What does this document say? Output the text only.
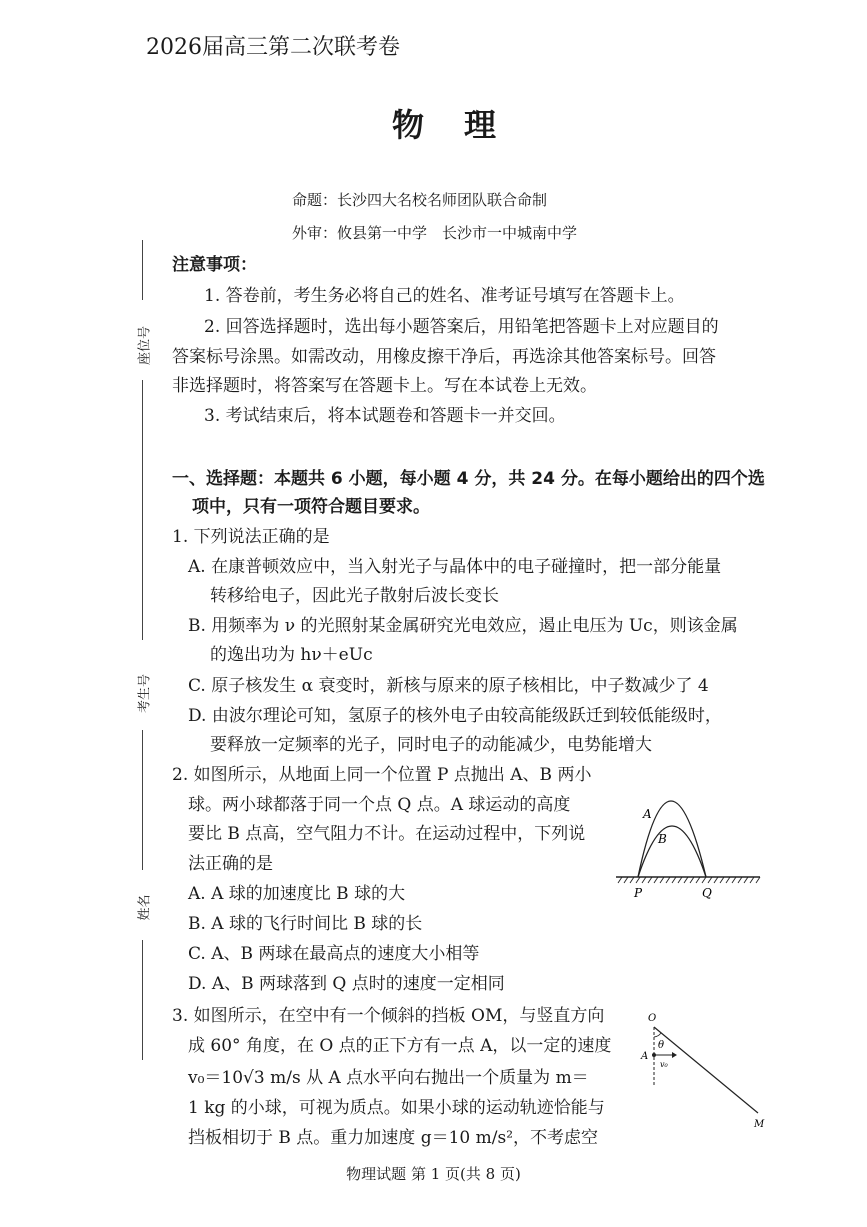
2026届高三第二次联考卷
物理
命题：长沙四大名校名师团队联合命制
外审：攸县第一中学　长沙市一中城南中学
座位号
考生号
姓名
注意事项：
1. 答卷前，考生务必将自己的姓名、准考证号填写在答题卡上。
2. 回答选择题时，选出每小题答案后，用铅笔把答题卡上对应题目的
答案标号涂黑。如需改动，用橡皮擦干净后，再选涂其他答案标号。回答
非选择题时，将答案写在答题卡上。写在本试卷上无效。
3. 考试结束后，将本试题卷和答题卡一并交回。
一、选择题：本题共 6 小题，每小题 4 分，共 24 分。在每小题给出的四个选
项中，只有一项符合题目要求。
1. 下列说法正确的是
A. 在康普顿效应中，当入射光子与晶体中的电子碰撞时，把一部分能量
转移给电子，因此光子散射后波长变长
B. 用频率为 ν 的光照射某金属研究光电效应，遏止电压为 Uc，则该金属
的逸出功为 hν＋eUc
C. 原子核发生 α 衰变时，新核与原来的原子核相比，中子数减少了 4
D. 由波尔理论可知，氢原子的核外电子由较高能级跃迁到较低能级时，
要释放一定频率的光子，同时电子的动能减少，电势能增大
2. 如图所示，从地面上同一个位置 P 点抛出 A、B 两小
球。两小球都落于同一个点 Q 点。A 球运动的高度
要比 B 点高，空气阻力不计。在运动过程中，下列说
法正确的是
A. A 球的加速度比 B 球的大
B. A 球的飞行时间比 B 球的长
C. A、B 两球在最高点的速度大小相等
D. A、B 两球落到 Q 点时的速度一定相同
A
B
P	Q
3. 如图所示，在空中有一个倾斜的挡板 OM，与竖直方向
成 60° 角度，在 O 点的正下方有一点 A，以一定的速度
v₀＝10√3 m/s 从 A 点水平向右抛出一个质量为 m＝
1 kg 的小球，可视为质点。如果小球的运动轨迹恰能与
挡板相切于 B 点。重力加速度 g＝10 m/s²，不考虑空
O
θ
A
v₀
M
物理试题 第 1 页(共 8 页)
